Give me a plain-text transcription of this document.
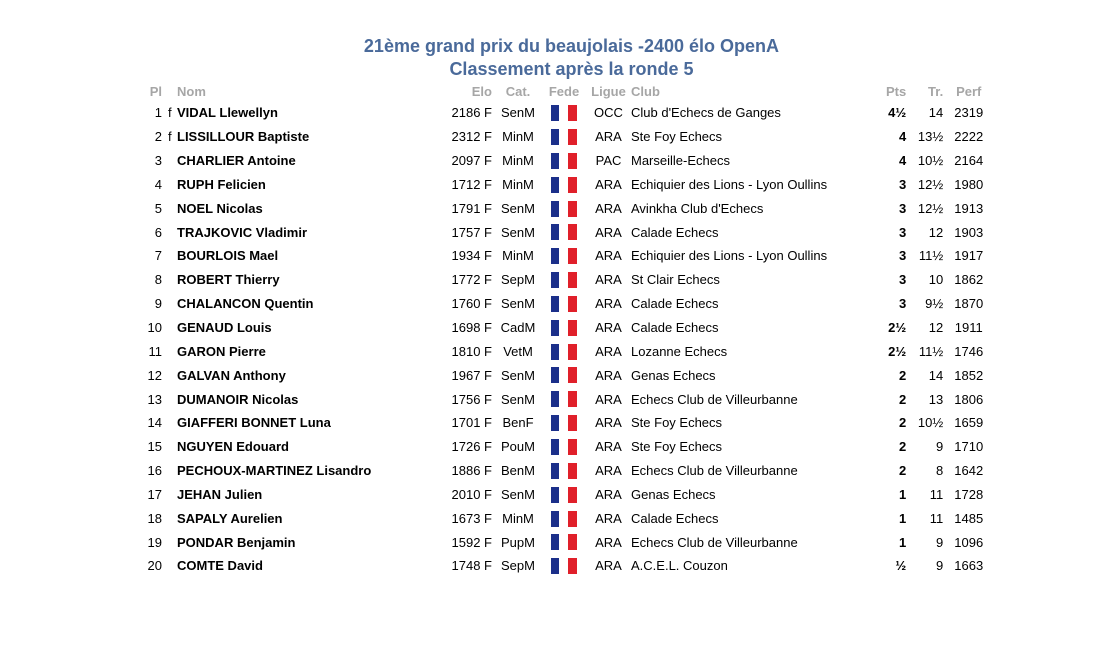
21ème grand prix du beaujolais -2400 élo OpenA
Classement après la ronde 5
Pl		Nom	Elo	Cat.	Fede	Ligue	Club	Pts	Tr.	Perf
1	f	VIDAL Llewellyn	2186 F	SenM		OCC	Club d'Echecs de Ganges	4½	14	2319
2	f	LISSILLOUR Baptiste	2312 F	MinM		ARA	Ste Foy Echecs	4	13½	2222
3		CHARLIER Antoine	2097 F	MinM		PAC	Marseille-Echecs	4	10½	2164
4		RUPH Felicien	1712 F	MinM		ARA	Echiquier des Lions - Lyon Oullins	3	12½	1980
5		NOEL Nicolas	1791 F	SenM		ARA	Avinkha Club d'Echecs	3	12½	1913
6		TRAJKOVIC Vladimir	1757 F	SenM		ARA	Calade Echecs	3	12	1903
7		BOURLOIS Mael	1934 F	MinM		ARA	Echiquier des Lions - Lyon Oullins	3	11½	1917
8		ROBERT Thierry	1772 F	SepM		ARA	St Clair Echecs	3	10	1862
9		CHALANCON Quentin	1760 F	SenM		ARA	Calade Echecs	3	9½	1870
10		GENAUD Louis	1698 F	CadM		ARA	Calade Echecs	2½	12	1911
11		GARON Pierre	1810 F	VetM		ARA	Lozanne Echecs	2½	11½	1746
12		GALVAN Anthony	1967 F	SenM		ARA	Genas Echecs	2	14	1852
13		DUMANOIR Nicolas	1756 F	SenM		ARA	Echecs Club de Villeurbanne	2	13	1806
14		GIAFFERI BONNET Luna	1701 F	BenF		ARA	Ste Foy Echecs	2	10½	1659
15		NGUYEN Edouard	1726 F	PouM		ARA	Ste Foy Echecs	2	9	1710
16		PECHOUX-MARTINEZ Lisandro	1886 F	BenM		ARA	Echecs Club de Villeurbanne	2	8	1642
17		JEHAN Julien	2010 F	SenM		ARA	Genas Echecs	1	11	1728
18		SAPALY Aurelien	1673 F	MinM		ARA	Calade Echecs	1	11	1485
19		PONDAR Benjamin	1592 F	PupM		ARA	Echecs Club de Villeurbanne	1	9	1096
20		COMTE David	1748 F	SepM		ARA	A.C.E.L. Couzon	½	9	1663
